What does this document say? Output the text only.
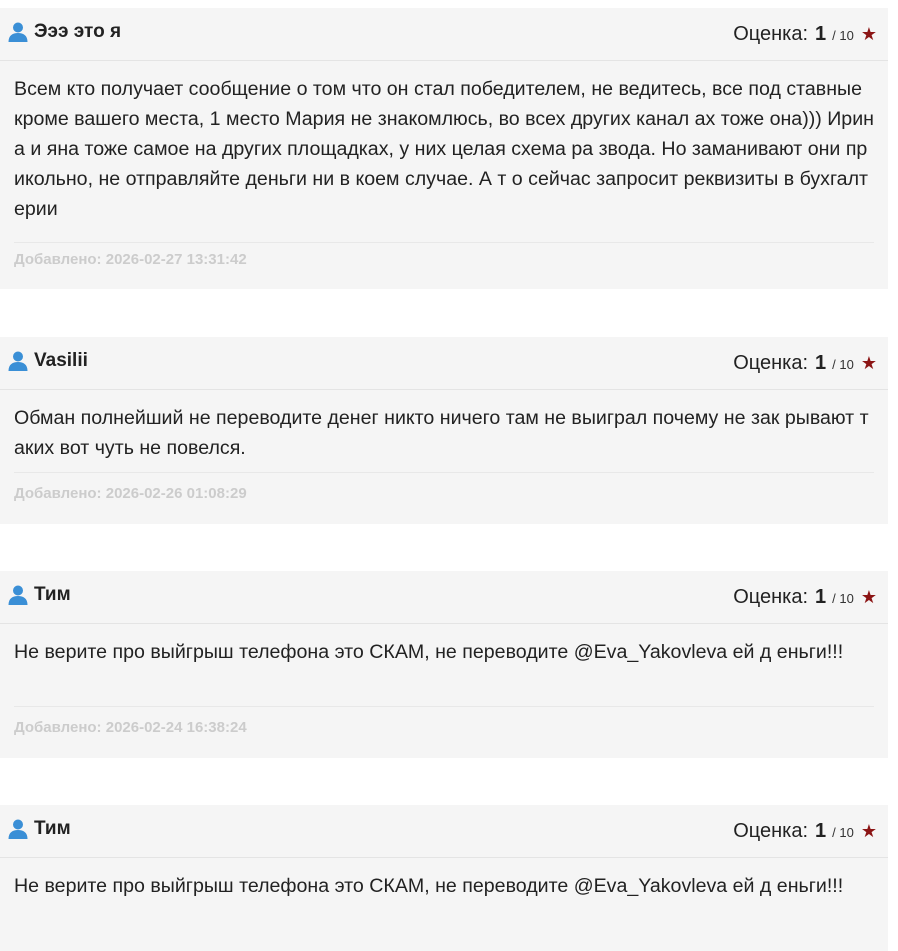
Эээ это я	Оценка: 1 / 10 ★
Всем кто получает сообщение о том что он стал победителем, не ведитесь, все под ставные кроме вашего места, 1 место Мария не знакомлюсь, во всех других канал ах тоже она))) Ирина и яна тоже самое на других площадках, у них целая схема ра звода. Но заманивают они прикольно, не отправляйте деньги ни в коем случае. А т о сейчас запросит реквизиты в бухгалтерии
Добавлено: 2026-02-27 13:31:42
Vasilii	Оценка: 1 / 10 ★
Обман полнейший не переводите денег никто ничего там не выиграл почему не зак рывают таких вот чуть не повелся.
Добавлено: 2026-02-26 01:08:29
Тим	Оценка: 1 / 10 ★
Не верите про выйгрыш телефона это СКАМ, не переводите @Eva_Yakovleva ей д еньги!!!
Добавлено: 2026-02-24 16:38:24
Тим	Оценка: 1 / 10 ★
Не верите про выйгрыш телефона это СКАМ, не переводите @Eva_Yakovleva ей д еньги!!!
